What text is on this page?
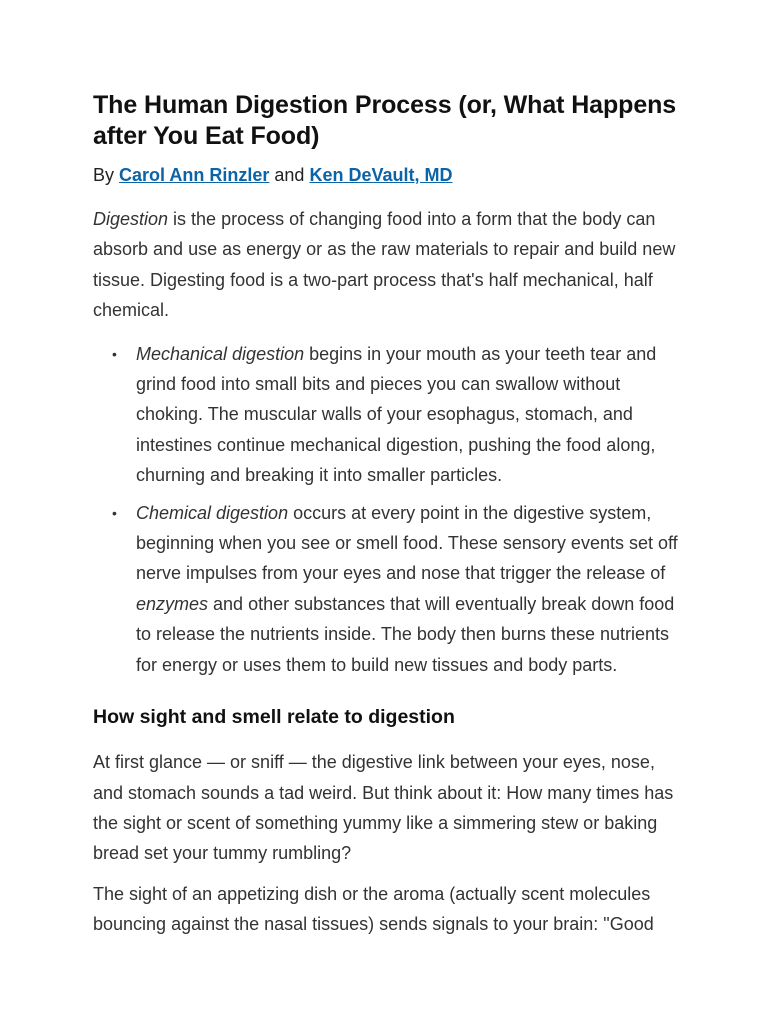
The Human Digestion Process (or, What Happens after You Eat Food)
By Carol Ann Rinzler and Ken DeVault, MD

Digestion is the process of changing food into a form that the body can absorb and use as energy or as the raw materials to repair and build new tissue. Digesting food is a two-part process that's half mechanical, half chemical.

• Mechanical digestion begins in your mouth as your teeth tear and grind food into small bits and pieces you can swallow without choking. The muscular walls of your esophagus, stomach, and intestines continue mechanical digestion, pushing the food along, churning and breaking it into smaller particles.
• Chemical digestion occurs at every point in the digestive system, beginning when you see or smell food. These sensory events set off nerve impulses from your eyes and nose that trigger the release of enzymes and other substances that will eventually break down food to release the nutrients inside. The body then burns these nutrients for energy or uses them to build new tissues and body parts.
How sight and smell relate to digestion

At first glance — or sniff — the digestive link between your eyes, nose, and stomach sounds a tad weird. But think about it: How many times has the sight or scent of something yummy like a simmering stew or baking bread set your tummy rumbling?

The sight of an appetizing dish or the aroma (actually scent molecules bouncing against the nasal tissues) sends signals to your brain: "Good
